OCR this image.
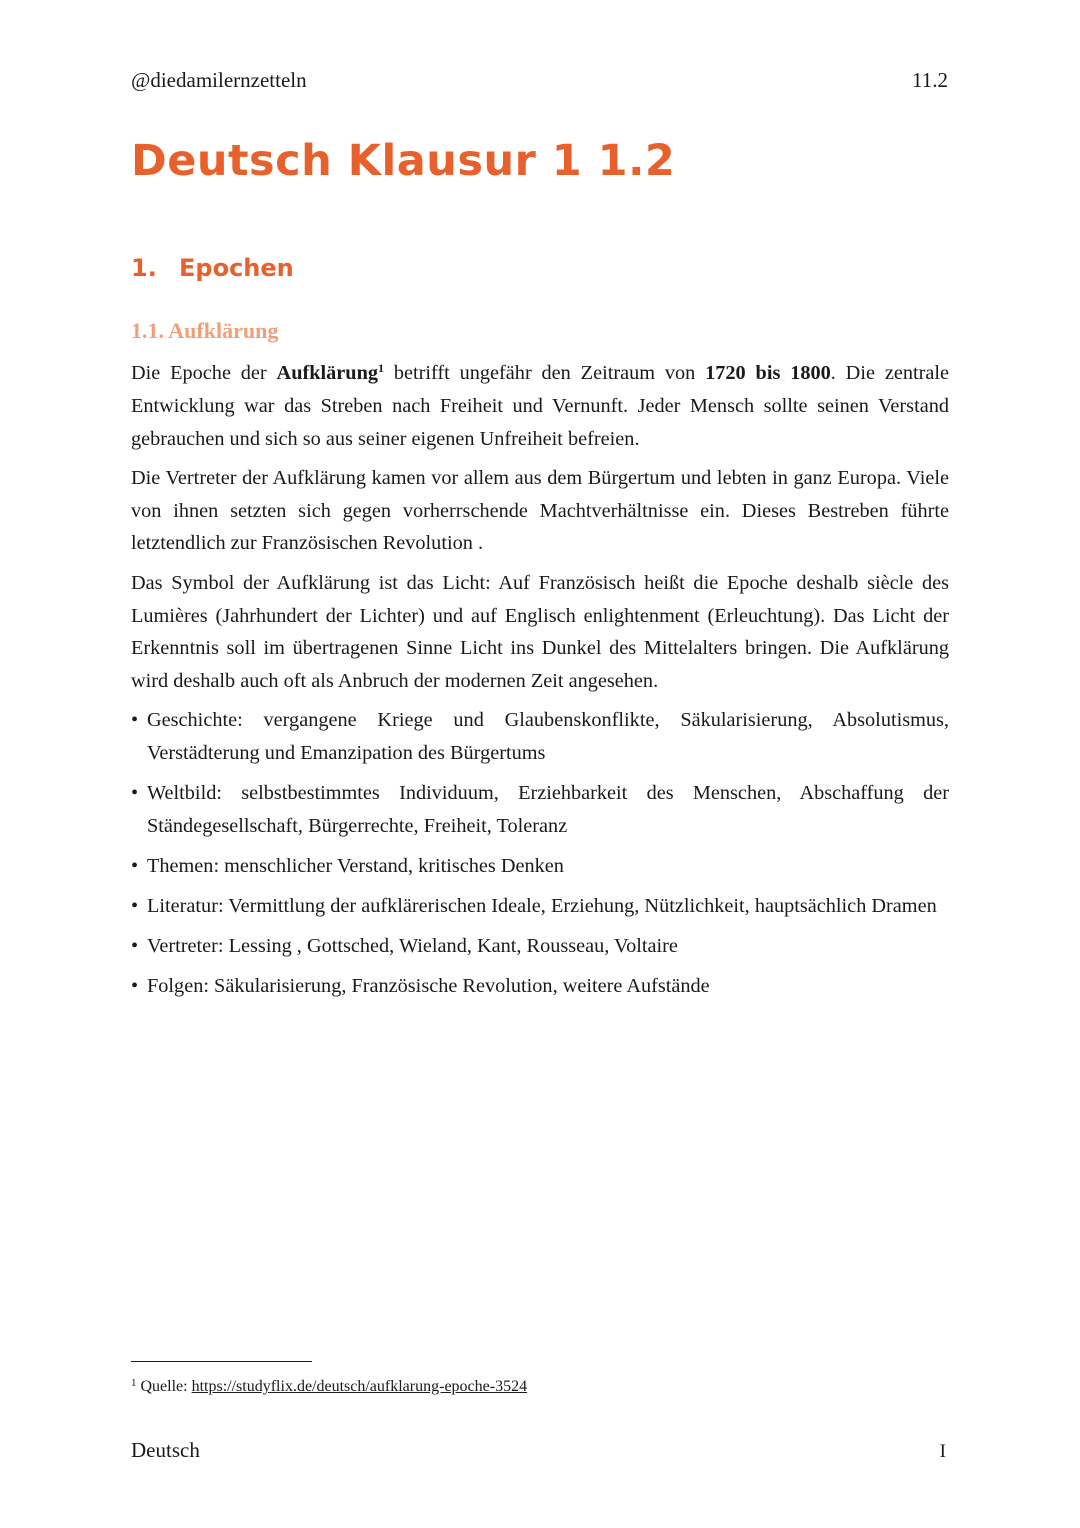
@diedamilernzetteln	11.2
Deutsch Klausur 1 1.2
1. Epochen
1.1. Aufklärung

Die Epoche der Aufklärung$^1$ betrifft ungefähr den Zeitraum von 1720 bis 1800. Die zentrale Entwicklung war das Streben nach Freiheit und Vernunft. Jeder Mensch sollte seinen Verstand gebrauchen und sich so aus seiner eigenen Unfreiheit befreien.

Die Vertreter der Aufklärung kamen vor allem aus dem Bürgertum und lebten in ganz Europa. Viele von ihnen setzten sich gegen vorherrschende Machtverhältnisse ein. Dieses Bestreben führte letztendlich zur Französischen Revolution .

Das Symbol der Aufklärung ist das Licht: Auf Französisch heißt die Epoche deshalb siècle des Lumières (Jahrhundert der Lichter) und auf Englisch enlightenment (Erleuchtung). Das Licht der Erkenntnis soll im übertragenen Sinne Licht ins Dunkel des Mittelalters bringen. Die Aufklärung wird deshalb auch oft als Anbruch der modernen Zeit angesehen.

• Geschichte: vergangene Kriege und Glaubenskonflikte, Säkularisierung, Absolutismus, Verstädterung und Emanzipation des Bürgertums
• Weltbild: selbstbestimmtes Individuum, Erziehbarkeit des Menschen, Abschaffung der Ständegesellschaft, Bürgerrechte, Freiheit, Toleranz
• Themen: menschlicher Verstand, kritisches Denken
• Literatur: Vermittlung der aufklärerischen Ideale, Erziehung, Nützlichkeit, hauptsächlich Dramen
• Vertreter: Lessing , Gottsched, Wieland, Kant, Rousseau, Voltaire
• Folgen: Säkularisierung, Französische Revolution, weitere Aufstände
$^1$ Quelle: https://studyflix.de/deutsch/aufklarung-epoche-3524
Deutsch	I
